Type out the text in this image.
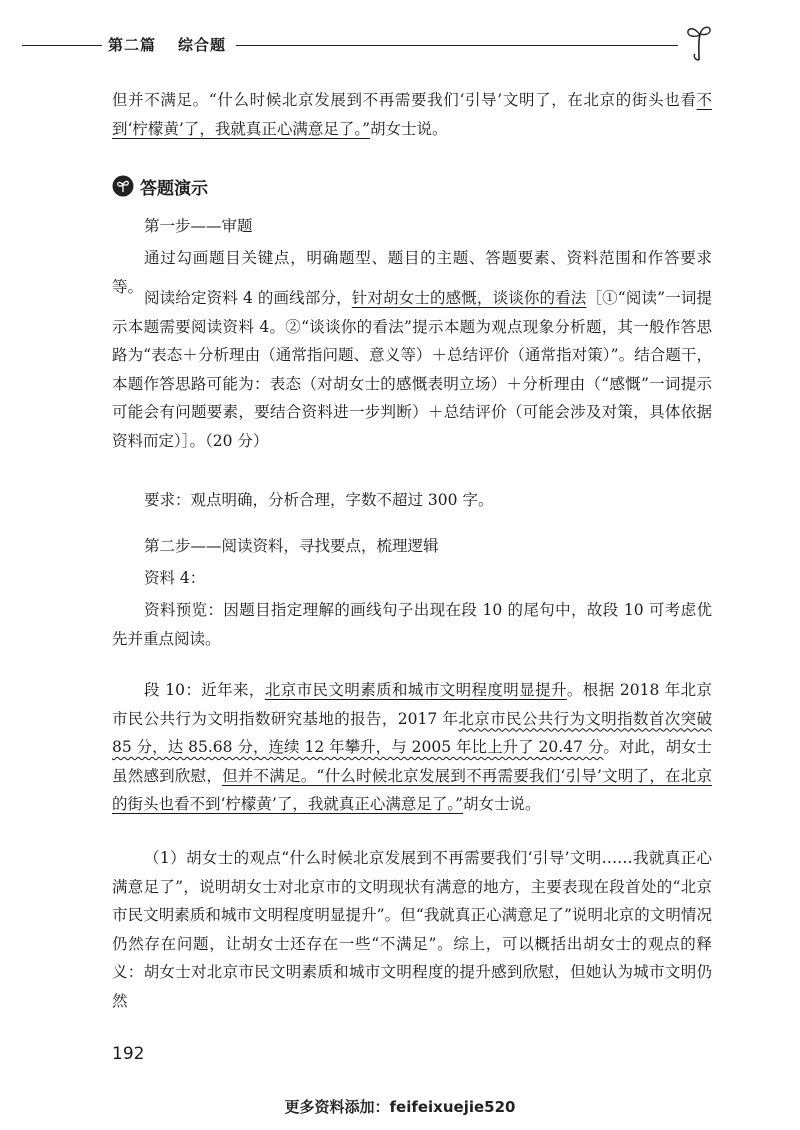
第二篇 综合题
但并不满足。“什么时候北京发展到不再需要我们‘引导’文明了，在北京的街头也看不到‘柠檬黄’了，我就真正心满意足了。”胡女士说。
答题演示
第一步——审题
通过勾画题目关键点，明确题型、题目的主题、答题要素、资料范围和作答要求等。
阅读给定资料 4 的画线部分，针对胡女士的感慨，谈谈你的看法［①“阅读”一词提示本题需要阅读资料 4。②“谈谈你的看法”提示本题为观点现象分析题，其一般作答思路为“表态＋分析理由（通常指问题、意义等）＋总结评价（通常指对策）”。结合题干，本题作答思路可能为：表态（对胡女士的感慨表明立场）＋分析理由（“感慨”一词提示可能会有问题要素，要结合资料进一步判断）＋总结评价（可能会涉及对策，具体依据资料而定）］。（20 分）
要求：观点明确，分析合理，字数不超过 300 字。
第二步——阅读资料，寻找要点，梳理逻辑
资料 4：
资料预览：因题目指定理解的画线句子出现在段 10 的尾句中，故段 10 可考虑优先并重点阅读。
段 10：近年来，北京市民文明素质和城市文明程度明显提升。根据 2018 年北京市民公共行为文明指数研究基地的报告，2017 年北京市民公共行为文明指数首次突破 85 分，达 85.68 分，连续 12 年攀升，与 2005 年比上升了 20.47 分。对此，胡女士虽然感到欣慰，但并不满足。“什么时候北京发展到不再需要我们‘引导’文明了，在北京的街头也看不到‘柠檬黄’了，我就真正心满意足了。”胡女士说。
（1）胡女士的观点“什么时候北京发展到不再需要我们‘引导’文明……我就真正心满意足了”，说明胡女士对北京市的文明现状有满意的地方，主要表现在段首处的“北京市民文明素质和城市文明程度明显提升”。但“我就真正心满意足了”说明北京的文明情况仍然存在问题，让胡女士还存在一些“不满足”。综上，可以概括出胡女士的观点的释义：胡女士对北京市民文明素质和城市文明程度的提升感到欣慰，但她认为城市文明仍然
192
更多资料添加：feifeixuejie520
